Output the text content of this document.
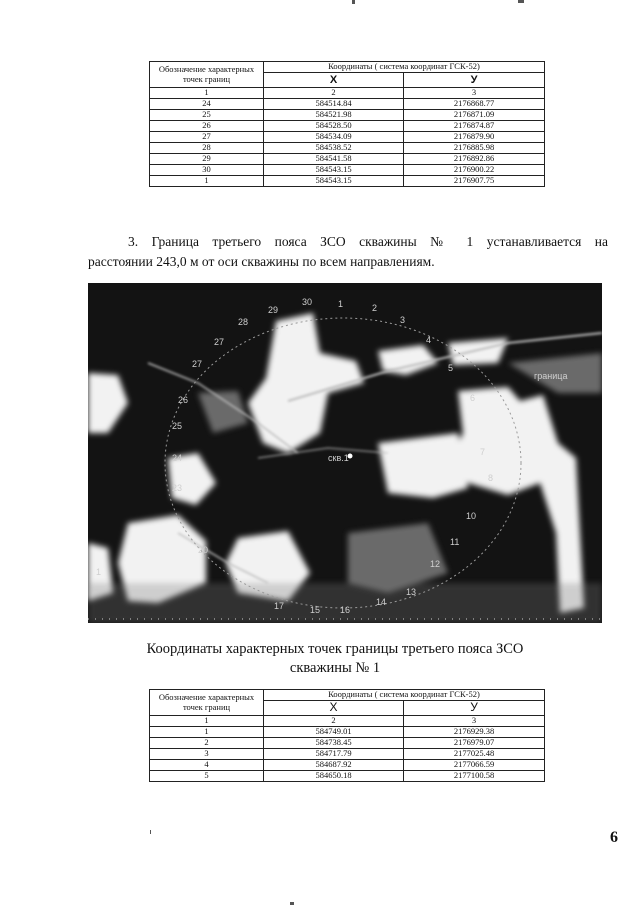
Обозначение характерных точек границ	Координаты ( система координат ГСК-52)	
	X	У
1	2	3
24	584514.84	2176868.77
25	584521.98	2176871.09
26	584528.50	2176874.87
27	584534.09	2176879.90
28	584538.52	2176885.98
29	584541.58	2176892.86
30	584543.15	2176900.22
1	584543.15	2176907.75
3. Граница третьего пояса ЗСО скважины № 1 устанавливается на
расстоянии 243,0 м от оси скважины по всем направлениям.
скв.1
граница
1	2
3
4
5
6
7
8
10
11
12
13
14
16
15
17
20
23
24
25
26
27
27
28
29
30
1
Координаты характерных точек границы третьего пояса ЗСО
скважины № 1
Обозначение характерных точек границ	Координаты ( система координат ГСК-52)	
	X	У
1	2	3
1	584749.01	2176929.38
2	584738.45	2176979.07
3	584717.79	2177025.48
4	584687.92	2177066.59
5	584650.18	2177100.58
6
